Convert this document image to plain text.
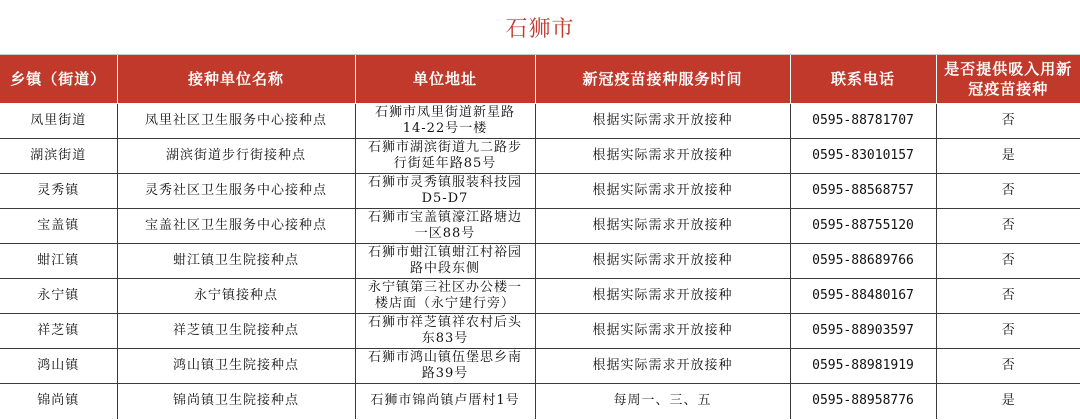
石狮市
乡镇（街道）	接种单位名称	单位地址	新冠疫苗接种服务时间	联系电话	是否提供吸入用新冠疫苗接种
凤里街道	凤里社区卫生服务中心接种点	石狮市凤里街道新星路14-22号一楼	根据实际需求开放接种	0595-88781707	否
湖滨街道	湖滨街道步行街接种点	石狮市湖滨街道九二路步行街延年路85号	根据实际需求开放接种	0595-83010157	是
灵秀镇	灵秀社区卫生服务中心接种点	石狮市灵秀镇服装科技园D5-D7	根据实际需求开放接种	0595-88568757	否
宝盖镇	宝盖社区卫生服务中心接种点	石狮市宝盖镇濠江路塘边一区88号	根据实际需求开放接种	0595-88755120	否
蚶江镇	蚶江镇卫生院接种点	石狮市蚶江镇蚶江村裕园路中段东侧	根据实际需求开放接种	0595-88689766	否
永宁镇	永宁镇接种点	永宁镇第三社区办公楼一楼店面（永宁建行旁）	根据实际需求开放接种	0595-88480167	否
祥芝镇	祥芝镇卫生院接种点	石狮市祥芝镇祥农村后头东83号	根据实际需求开放接种	0595-88903597	否
鸿山镇	鸿山镇卫生院接种点	石狮市鸿山镇伍堡思乡南路39号	根据实际需求开放接种	0595-88981919	否
锦尚镇	锦尚镇卫生院接种点	石狮市锦尚镇卢厝村1号	每周一、三、五	0595-88958776	是
